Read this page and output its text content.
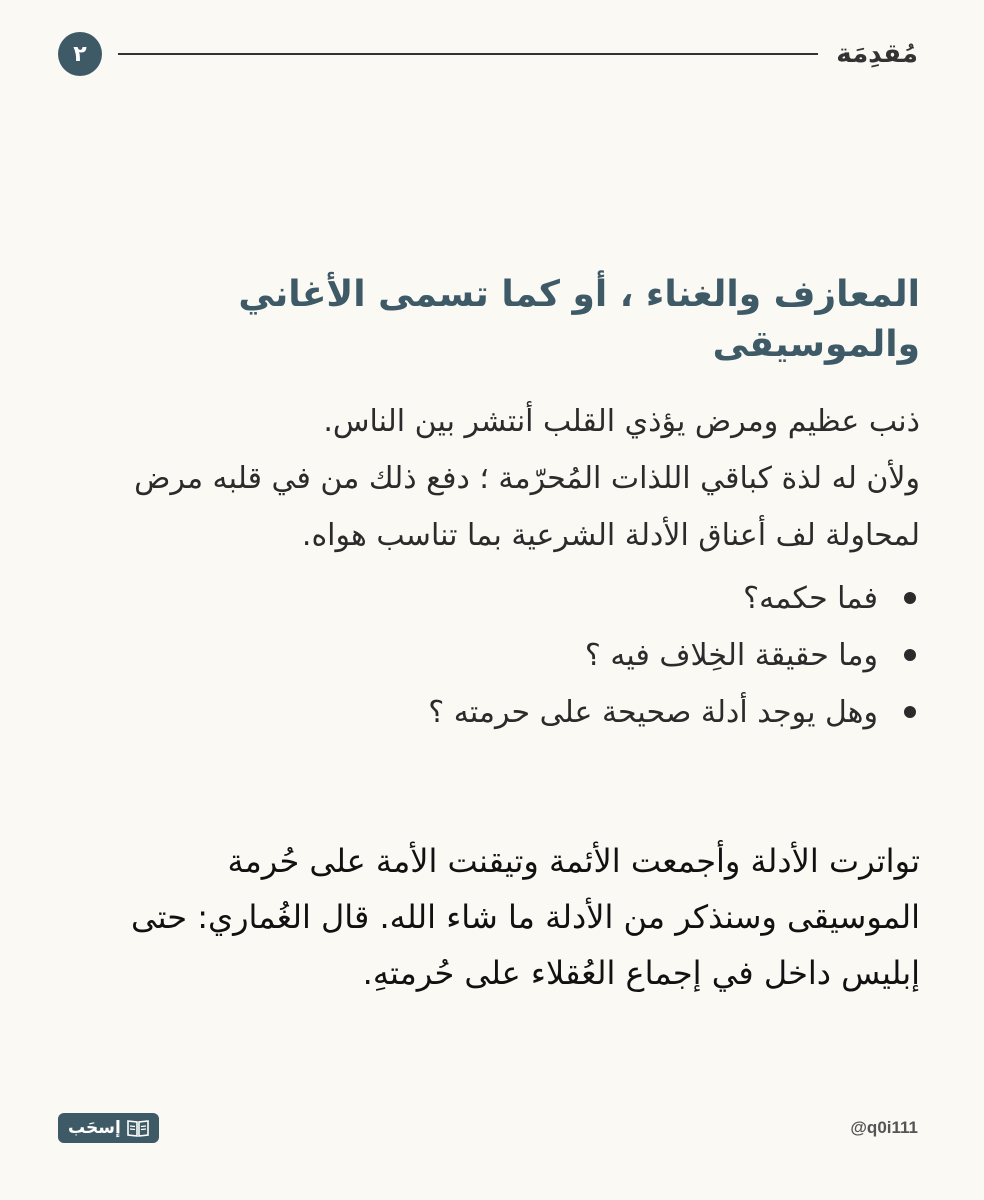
٢	مُقدِمَة
المعازف والغناء ، أو كما تسمى الأغاني والموسيقى

ذنب عظيم ومرض يؤذي القلب أنتشر بين الناس.

ولأن له لذة كباقي اللذات المُحرّمة ؛ دفع ذلك من في قلبه مرض

لمحاولة لف أعناق الأدلة الشرعية بما تناسب هواه.

فما حكمه؟
وما حقيقة الخِلاف فيه ؟
وهل يوجد أدلة صحيحة على حرمته ؟

تواترت الأدلة وأجمعت الأئمة وتيقنت الأمة على حُرمة

الموسيقى وسنذكر من الأدلة ما شاء الله. قال الغُماري: حتى

إبليس داخل في إجماع العُقلاء على حُرمتهِ.

إسحَب	@q0i111
